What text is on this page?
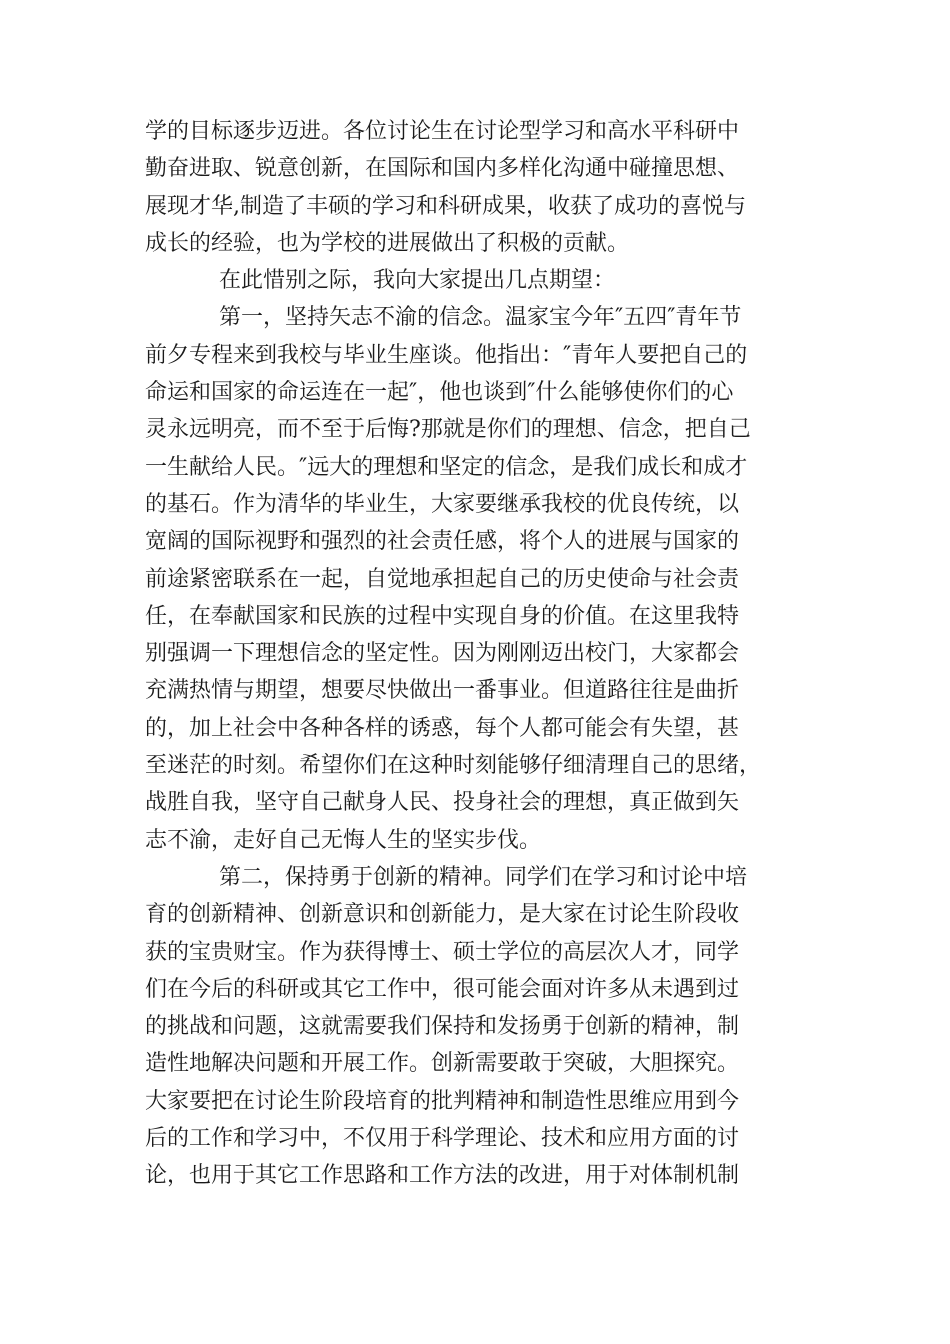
学的目标逐步迈进。各位讨论生在讨论型学习和高水平科研中
勤奋进取、锐意创新，在国际和国内多样化沟通中碰撞思想、
展现才华,制造了丰硕的学习和科研成果，收获了成功的喜悦与
成长的经验，也为学校的进展做出了积极的贡献。
在此惜别之际，我向大家提出几点期望：
第一，坚持矢志不渝的信念。温家宝今年″五四″青年节
前夕专程来到我校与毕业生座谈。他指出：″青年人要把自己的
命运和国家的命运连在一起″，他也谈到″什么能够使你们的心
灵永远明亮，而不至于后悔?那就是你们的理想、信念，把自己
一生献给人民。″远大的理想和坚定的信念，是我们成长和成才
的基石。作为清华的毕业生，大家要继承我校的优良传统，以
宽阔的国际视野和强烈的社会责任感，将个人的进展与国家的
前途紧密联系在一起，自觉地承担起自己的历史使命与社会责
任，在奉献国家和民族的过程中实现自身的价值。在这里我特
别强调一下理想信念的坚定性。因为刚刚迈出校门，大家都会
充满热情与期望，想要尽快做出一番事业。但道路往往是曲折
的，加上社会中各种各样的诱惑，每个人都可能会有失望，甚
至迷茫的时刻。希望你们在这种时刻能够仔细清理自己的思绪，
战胜自我，坚守自己献身人民、投身社会的理想，真正做到矢
志不渝，走好自己无悔人生的坚实步伐。
第二，保持勇于创新的精神。同学们在学习和讨论中培
育的创新精神、创新意识和创新能力，是大家在讨论生阶段收
获的宝贵财宝。作为获得博士、硕士学位的高层次人才，同学
们在今后的科研或其它工作中，很可能会面对许多从未遇到过
的挑战和问题，这就需要我们保持和发扬勇于创新的精神，制
造性地解决问题和开展工作。创新需要敢于突破，大胆探究。
大家要把在讨论生阶段培育的批判精神和制造性思维应用到今
后的工作和学习中，不仅用于科学理论、技术和应用方面的讨
论，也用于其它工作思路和工作方法的改进，用于对体制机制
